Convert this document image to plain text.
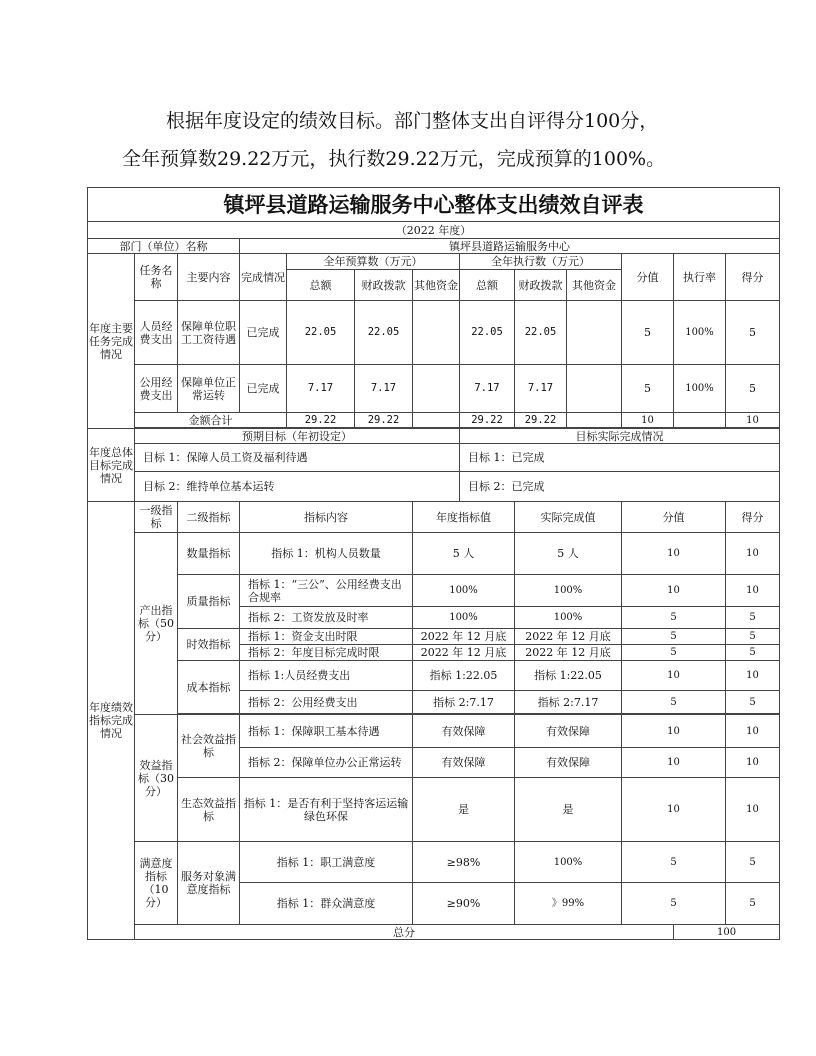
根据年度设定的绩效目标。部门整体支出自评得分100分，
全年预算数29.22万元，执行数29.22万元，完成预算的100%。
镇坪县道路运输服务中心整体支出绩效自评表													
（2022 年度）													
部门（单位）名称			镇坪县道路运输服务中心										
年度主要任务完成情况	任务名称	主要内容	完成情况	全年预算数（万元）			全年执行数（万元）			分值	执行率	得分	
				总额	财政拨款	其他资金	总额	财政拨款	其他资金				
	人员经费支出	保障单位职工工资待遇	已完成	22.05	22.05		22.05	22.05		5	100%	5	
	公用经费支出	保障单位正常运转	已完成	7.17	7.17		7.17	7.17		5	100%	5	
	金额合计			29.22	29.22		29.22	29.22		10		10	

年度总体目标完成情况	预期目标（年初设定）						目标实际完成情况						
	目标 1：保障人员工资及福利待遇						目标 1：已完成						
	目标 2：维持单位基本运转						目标 2：已完成						
年度绩效指标完成情况	一级指标	二级指标	指标内容			年度指标值		实际完成值		分值		得分	
	产出指标（50分）	数量指标	指标 1：机构人员数量			5 人		5 人		10		10	
		质量指标	指标 1：“三公”、公用经费支出合规率			100%		100%		10		10	
			指标 2：工资发放及时率			100%		100%		5		5	
		时效指标	指标 1：资金支出时限			2022 年 12 月底		2022 年 12 月底		5		5	
			指标 2：年度目标完成时限			2022 年 12 月底		2022 年 12 月底		5		5	
		成本指标	指标 1:人员经费支出			指标 1:22.05		指标 1:22.05		10		10	
			指标 2：公用经费支出			指标 2:7.17		指标 2:7.17		5		5	

	效益指标（30分）	社会效益指标	指标 1：保障职工基本待遇			有效保障		有效保障		10		10	
			指标 2：保障单位办公正常运转			有效保障		有效保障		10		10	
		生态效益指标	指标 1：是否有利于坚持客运运输绿色环保			是		是		10		10	
	满意度指标（10分）	服务对象满意度指标	指标 1：职工满意度			≥98%		100%		5		5	
			指标 1：群众满意度			≥90%		》99%		5		5	
	总分										100	
